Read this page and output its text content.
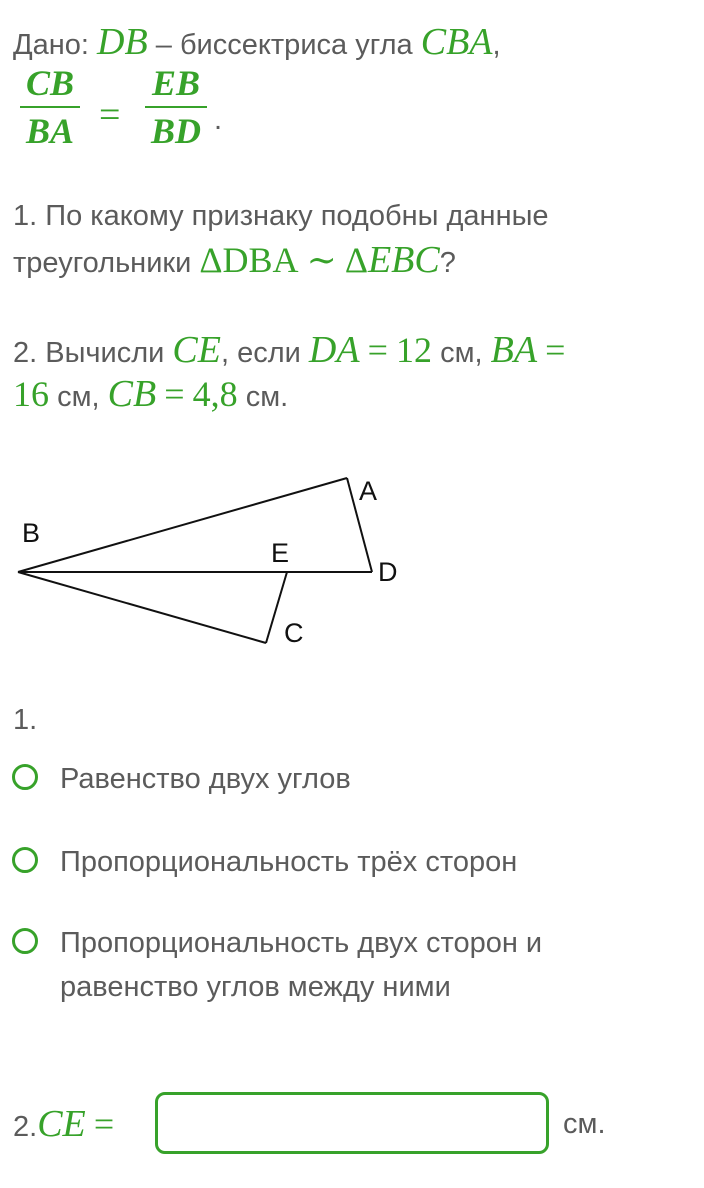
Дано: DB – биссектриса угла CBA,
CB
BA =
EB
BD .
1. По какому признаку подобны данные
треугольники ΔDBA ∼ ΔEBC?
2. Вычисли CE, если DA = 12 см, BA =
16 см, CB = 4,8 см.
A
B
E
D
C
1.
Равенство двух углов
Пропорциональность трёх сторон
Пропорциональность двух сторон и равенство углов между ними
2.CE =	см.
